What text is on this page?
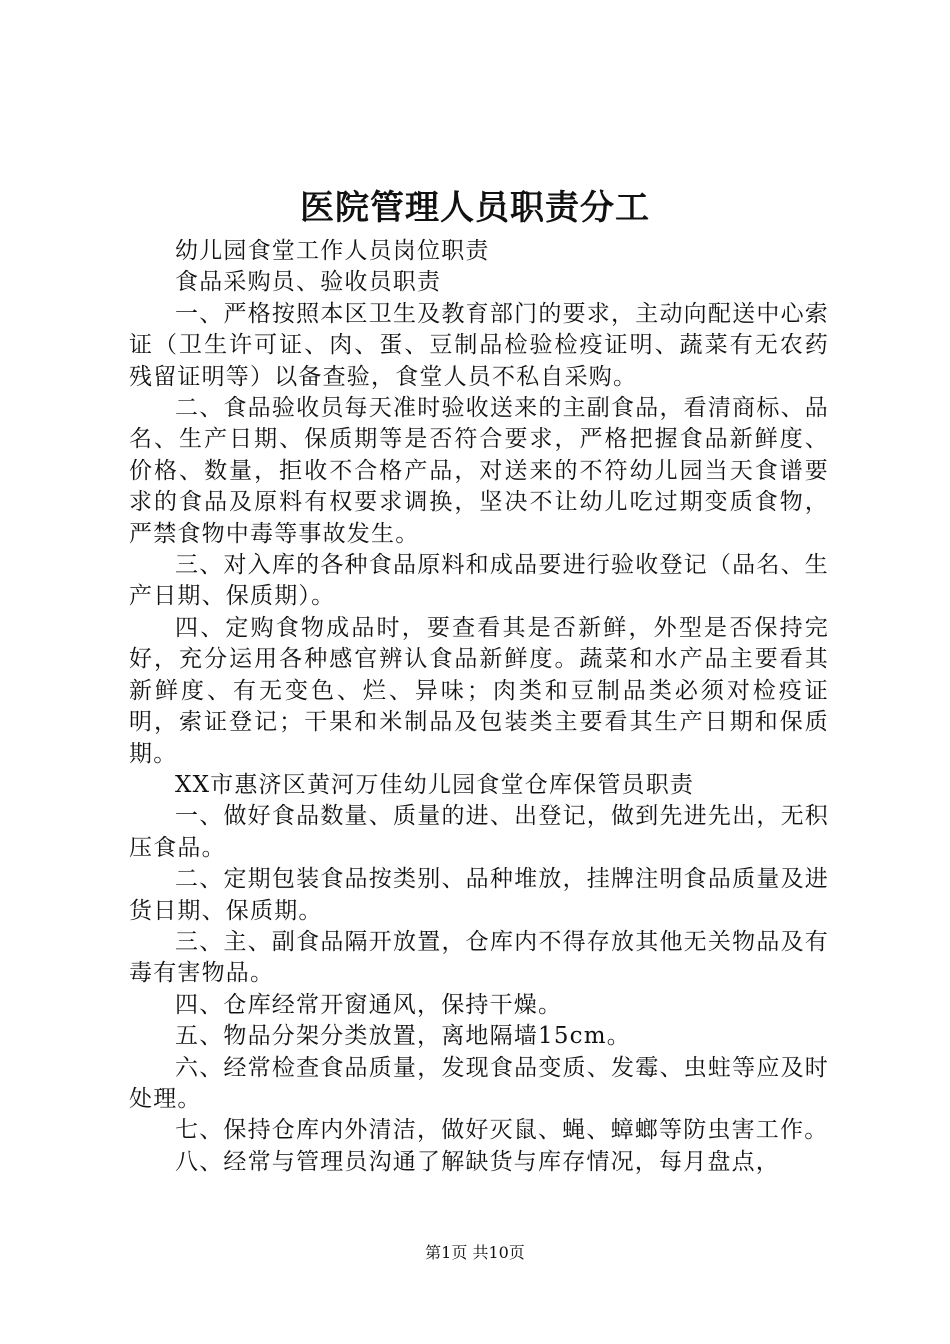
医院管理人员职责分工

幼儿园食堂工作人员岗位职责

食品采购员、验收员职责

一、严格按照本区卫生及教育部门的要求，主动向配送中心索证（卫生许可证、肉、蛋、豆制品检验检疫证明、蔬菜有无农药残留证明等）以备查验，食堂人员不私自采购。

二、食品验收员每天准时验收送来的主副食品，看清商标、品名、生产日期、保质期等是否符合要求，严格把握食品新鲜度、价格、数量，拒收不合格产品，对送来的不符幼儿园当天食谱要求的食品及原料有权要求调换，坚决不让幼儿吃过期变质食物，严禁食物中毒等事故发生。

三、对入库的各种食品原料和成品要进行验收登记（品名、生产日期、保质期）。

四、定购食物成品时，要查看其是否新鲜，外型是否保持完好，充分运用各种感官辨认食品新鲜度。蔬菜和水产品主要看其新鲜度、有无变色、烂、异味；肉类和豆制品类必须对检疫证明，索证登记；干果和米制品及包装类主要看其生产日期和保质期。

XX市惠济区黄河万佳幼儿园食堂仓库保管员职责

一、做好食品数量、质量的进、出登记，做到先进先出，无积压食品。

二、定期包装食品按类别、品种堆放，挂牌注明食品质量及进货日期、保质期。

三、主、副食品隔开放置，仓库内不得存放其他无关物品及有毒有害物品。

四、仓库经常开窗通风，保持干燥。

五、物品分架分类放置，离地隔墙15cm。

六、经常检查食品质量，发现食品变质、发霉、虫蛀等应及时处理。

七、保持仓库内外清洁，做好灭鼠、蝇、蟑螂等防虫害工作。

八、经常与管理员沟通了解缺货与库存情况，每月盘点，

第1页 共10页
